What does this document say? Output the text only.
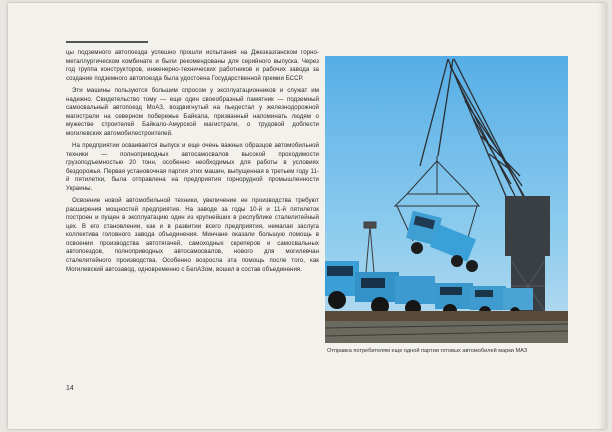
цы подземного автопоезда успешно прошли испытания на Джезказганском горно-металлургическом комбинате и были рекомендованы для серийного выпуска. Через год группа конструкторов, инженерно-технических работников и рабочих завода за создание подземного автопоезда была удостоена Государственной премии БССР.

Эти машины пользуются большим спросом у эксплуатационников и служат им надежно. Свидетельство тому — еще один своеобразный памятник — подземный самосвальный автопоезд МоАЗ, воздвигнутый на пьедестал у железнодорожной магистрали на северном побережье Байкала, призванный напоминать людям о мужестве строителей Байкало-Амурской магистрали, о трудовой доблести могилевских автомобилестроителей.

На предприятии осваивается выпуск и еще очень важных образцов автомобильной техники — полноприводных автосамосвалов высокой проходимости грузоподъемностью 20 тонн, особенно необходимых для работы в условиях бездорожья. Первая установочная партия этих машин, выпущенная в третьем году 11-й пятилетки, была отправлена на предприятия горнорудной промышленности Украины.

Освоение новой автомобильной техники, увеличение ее производства требуют расширения мощностей предприятия. На заводе за годы 10-й и 11-й пятилеток построен и пущен в эксплуатацию один из крупнейших в республике сталелитейный цех. В его становлении, как и в развитии всего предприятия, немалая заслуга коллектива головного завода объединения. Минчане оказали большую помощь в освоении производства автотягачей, самоходных скреперов и самосвальных автопоездов, полноприводных автосамосвалов, нового для могилевчан сталелитейного производства. Особенно возросла эта помощь после того, как Могилевский автозавод, одновременно с БелАЗом, вошел в состав объединения.

Отправка потребителям еще одной партии готовых автомобилей марки МАЗ
14
